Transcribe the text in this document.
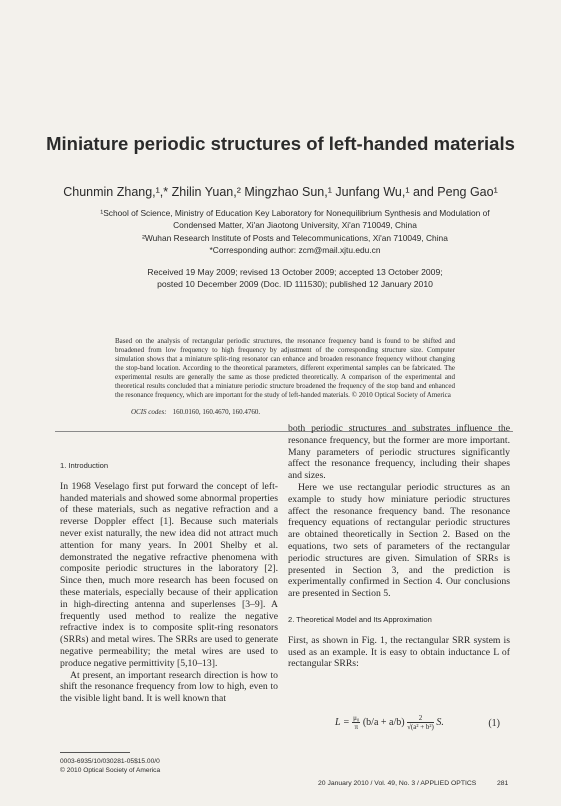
Miniature periodic structures of left-handed materials
Chunmin Zhang,¹,* Zhilin Yuan,² Mingzhao Sun,¹ Junfang Wu,¹ and Peng Gao¹
¹School of Science, Ministry of Education Key Laboratory for Nonequilibrium Synthesis and Modulation of Condensed Matter, Xi'an Jiaotong University, Xi'an 710049, China
²Wuhan Research Institute of Posts and Telecommunications, Xi'an 710049, China
*Corresponding author: zcm@mail.xjtu.edu.cn
Received 19 May 2009; revised 13 October 2009; accepted 13 October 2009;
posted 10 December 2009 (Doc. ID 111530); published 12 January 2010
Based on the analysis of rectangular periodic structures, the resonance frequency band is found to be shifted and broadened from low frequency to high frequency by adjustment of the corresponding structure size. Computer simulation shows that a miniature split-ring resonator can enhance and broaden resonance frequency without changing the stop-band location. According to the theoretical parameters, different experimental samples can be fabricated. The experimental results are generally the same as those predicted theoretically. A comparison of the experimental and theoretical results concluded that a miniature periodic structure broadened the frequency of the stop band and enhanced the resonance frequency, which are important for the study of left-handed materials. © 2010 Optical Society of America
OCIS codes: 160.0160, 160.4670, 160.4760.
1. Introduction

In 1968 Veselago first put forward the concept of left-handed materials and showed some abnormal properties of these materials, such as negative refraction and a reverse Doppler effect [1]. Because such materials never exist naturally, the new idea did not attract much attention for many years. In 2001 Shelby et al. demonstrated the negative refractive phenomena with composite periodic structures in the laboratory [2]. Since then, much more research has been focused on these materials, especially because of their application in high-directing antenna and superlenses [3–9]. A frequently used method to realize the negative refractive index is to composite split-ring resonators (SRRs) and metal wires. The SRRs are used to generate negative permeability; the metal wires are used to produce negative permittivity [5,10–13].

At present, an important research direction is how to shift the resonance frequency from low to high, even to the visible light band. It is well known that

both periodic structures and substrates influence the resonance frequency, but the former are more important. Many parameters of periodic structures significantly affect the resonance frequency, including their shapes and sizes.

Here we use rectangular periodic structures as an example to study how miniature periodic structures affect the resonance frequency band. The resonance frequency equations of rectangular periodic structures are obtained theoretically in Section 2. Based on the equations, two sets of parameters of the rectangular periodic structures are given. Simulation of SRRs is presented in Section 3, and the prediction is experimentally confirmed in Section 4. Our conclusions are presented in Section 5.

2. Theoretical Model and Its Approximation

First, as shown in Fig. 1, the rectangular SRR system is used as an example. It is easy to obtain inductance L of rectangular SRRs:

$L = \frac{\text{μ₀}}{\pi} (b/a + a/b) \frac{2}{\text{√(a² + b²)}} S$.	(1)
0003-6935/10/030281-05$15.00/0
© 2010 Optical Society of America
20 January 2010 / Vol. 49, No. 3 / APPLIED OPTICS	281
